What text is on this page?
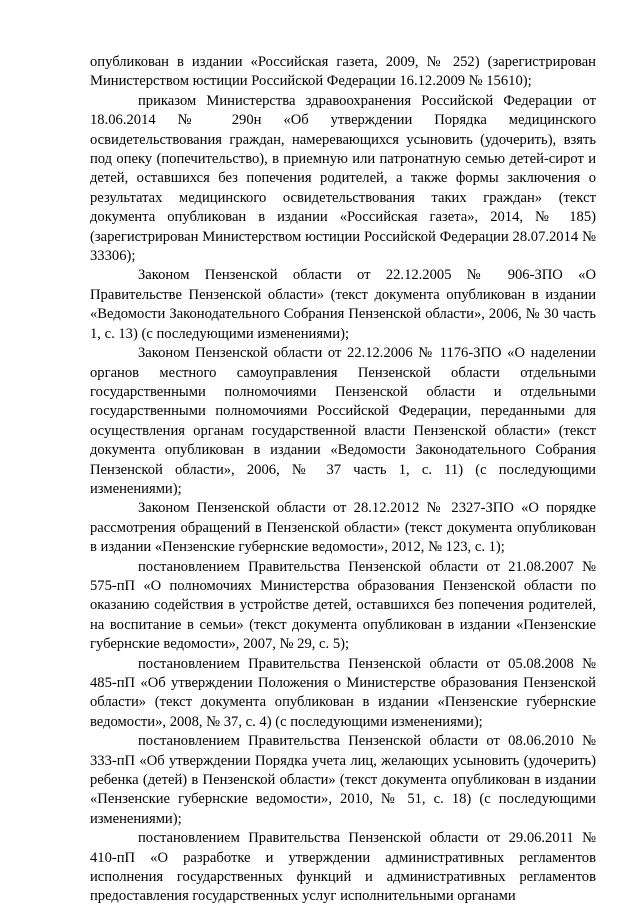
опубликован в издании «Российская газета, 2009, № 252) (зарегистрирован Министерством юстиции Российской Федерации 16.12.2009 № 15610);

приказом Министерства здравоохранения Российской Федерации от 18.06.2014 № 290н «Об утверждении Порядка медицинского освидетельствования граждан, намеревающихся усыновить (удочерить), взять под опеку (попечительство), в приемную или патронатную семью детей-сирот и детей, оставшихся без попечения родителей, а также формы заключения о результатах медицинского освидетельствования таких граждан» (текст документа опубликован в издании «Российская газета», 2014, № 185) (зарегистрирован Министерством юстиции Российской Федерации 28.07.2014 № 33306);

Законом Пензенской области от 22.12.2005 № 906-ЗПО «О Правительстве Пензенской области» (текст документа опубликован в издании «Ведомости Законодательного Собрания Пензенской области», 2006, № 30 часть 1, с. 13) (с последующими изменениями);

Законом Пензенской области от 22.12.2006 № 1176-ЗПО «О наделении органов местного самоуправления Пензенской области отдельными государственными полномочиями Пензенской области и отдельными государственными полномочиями Российской Федерации, переданными для осуществления органам государственной власти Пензенской области» (текст документа опубликован в издании «Ведомости Законодательного Собрания Пензенской области», 2006, № 37 часть 1, с. 11) (с последующими изменениями);

Законом Пензенской области от 28.12.2012 № 2327-ЗПО «О порядке рассмотрения обращений в Пензенской области» (текст документа опубликован в издании «Пензенские губернские ведомости», 2012, № 123, с. 1);

постановлением Правительства Пензенской области от 21.08.2007 № 575-пП «О полномочиях Министерства образования Пензенской области по оказанию содействия в устройстве детей, оставшихся без попечения родителей, на воспитание в семьи» (текст документа опубликован в издании «Пензенские губернские ведомости», 2007, № 29, с. 5);

постановлением Правительства Пензенской области от 05.08.2008 № 485-пП «Об утверждении Положения о Министерстве образования Пензенской области» (текст документа опубликован в издании «Пензенские губернские ведомости», 2008, № 37, с. 4) (с последующими изменениями);

постановлением Правительства Пензенской области от 08.06.2010 № 333-пП «Об утверждении Порядка учета лиц, желающих усыновить (удочерить) ребенка (детей) в Пензенской области» (текст документа опубликован в издании «Пензенские губернские ведомости», 2010, № 51, с. 18) (с последующими изменениями);

постановлением Правительства Пензенской области от 29.06.2011 № 410-пП «О разработке и утверждении административных регламентов исполнения государственных функций и административных регламентов предоставления государственных услуг исполнительными органами
